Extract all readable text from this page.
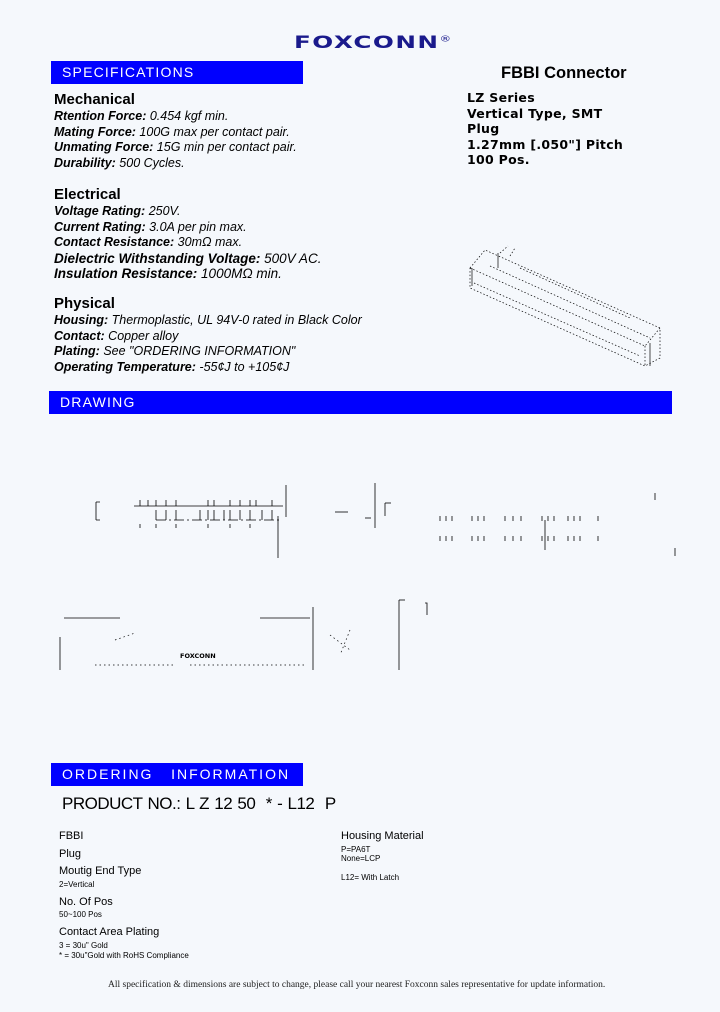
FOXCONN®
SPECIFICATIONS
Mechanical
Rtention Force: 0.454 kgf min.
Mating Force: 100G max per contact pair.
Unmating Force: 15G min per contact pair.
Durability: 500 Cycles.
Electrical
Voltage Rating: 250V.
Current Rating: 3.0A per pin max.
Contact Resistance: 30mΩ max.
Dielectric Withstanding Voltage: 500V AC.
Insulation Resistance: 1000MΩ min.
Physical
Housing: Thermoplastic, UL 94V-0 rated in Black Color
Contact: Copper alloy
Plating: See "ORDERING INFORMATION"
Operating Temperature: -55¢J to +105¢J
FBBI Connector
LZ Series
Vertical Type, SMT
Plug
1.27mm [.050"] Pitch
100 Pos.
DRAWING
FOXCONN
ORDERING   INFORMATION
PRODUCT NO.: L Z 12 50  * - L12  P
FBBI
Plug
Moutig End Type
2=Vertical
No. Of Pos
50~100 Pos
Contact Area Plating
3 = 30u" Gold
* = 30u"Gold with RoHS Compliance
Housing Material
P=PA6T
None=LCP
L12= With Latch
All specification & dimensions are subject to change, please call your nearest Foxconn sales representative for update information.
